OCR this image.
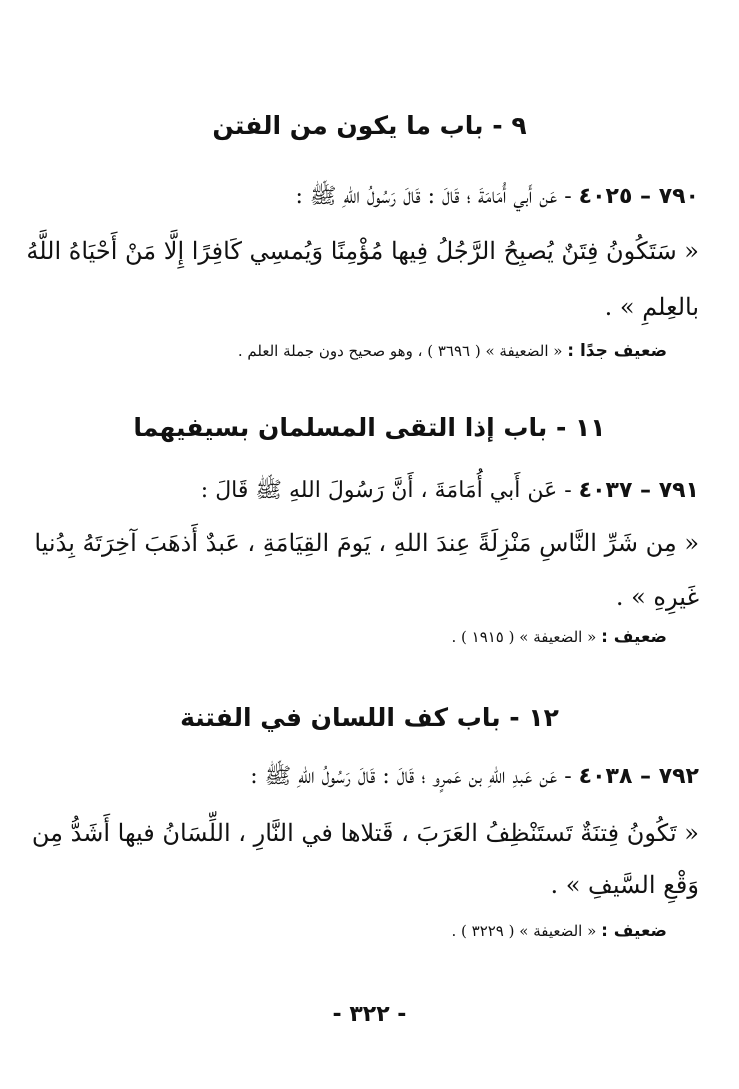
٩ - باب ما يكون من الفتن
٧٩٠ – ٤٠٢٥ - عَن أَبي أُمَامَةَ ؛ قَالَ : قَالَ رَسُولُ اللهِ ﷺ :
« سَتَكُونُ فِتَنٌ يُصبِحُ الرَّجُلُ فِيها مُؤْمِنًا وَيُمسِي كَافِرًا إِلَّا مَنْ أَحْيَاهُ اللَّهُ
بالعِلمِ » .
ضعيف جدًا : « الضعيفة » ( ٣٦٩٦ ) ، وهو صحيح دون جملة العلم .
١١ - باب إذا التقى المسلمان بسيفيهما
٧٩١ – ٤٠٣٧ - عَن أَبي أُمَامَةَ ، أَنَّ رَسُولَ اللهِ ﷺ قَالَ :
« مِن شَرِّ النَّاسِ مَنْزِلَةً عِندَ اللهِ ، يَومَ القِيَامَةِ ، عَبدٌ أَذهَبَ آخِرَتَهُ بِدُنيا
غَيرِهِ » .
ضعيف : « الضعيفة » ( ١٩١٥ ) .
١٢ - باب كف اللسان في الفتنة
٧٩٢ – ٤٠٣٨ - عَن عَبدِ اللهِ بن عَمرٍو ؛ قَالَ : قَالَ رَسُولُ اللهِ ﷺ :
« تَكُونُ فِتنَةٌ تَستَنْظِفُ العَرَبَ ، قَتلاها في النَّارِ ، اللِّسَانُ فيها أَشَدُّ مِن
وَقْعِ السَّيفِ » .
ضعيف : « الضعيفة » ( ٣٢٢٩ ) .
- ٣٢٢ -
